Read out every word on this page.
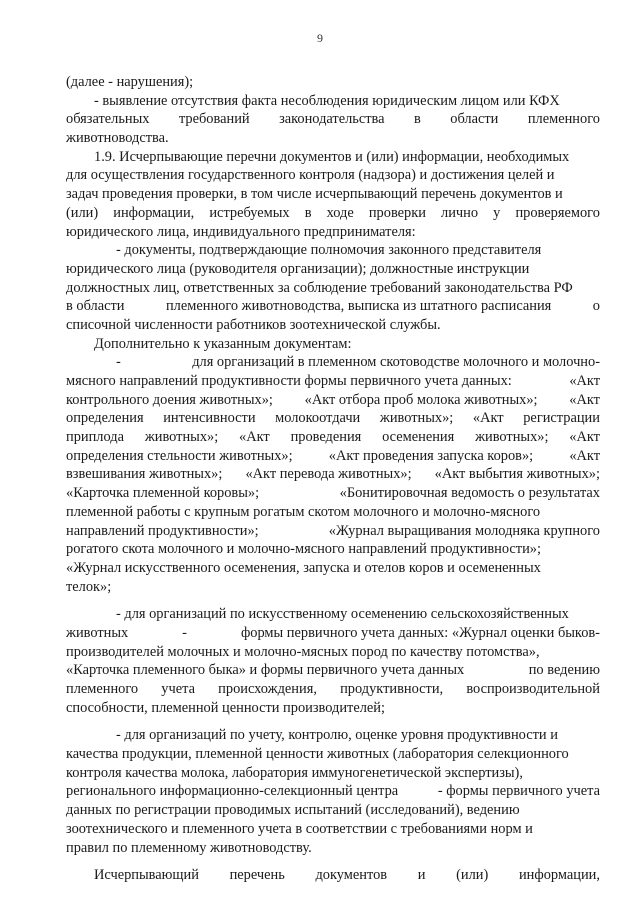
9
(далее - нарушения);
- выявление отсутствия факта несоблюдения юридическим лицом или КФХ
обязательных требований законодательства в области племенного
животноводства.
1.9. Исчерпывающие перечни документов и (или) информации, необходимых
для осуществления государственного контроля (надзора) и достижения целей и
задач проведения проверки, в том числе исчерпывающий перечень документов и
(или) информации, истребуемых в ходе проверки лично у проверяемого
юридического лица, индивидуального предпринимателя:
- документы, подтверждающие полномочия законного представителя
юридического лица (руководителя организации); должностные инструкции
должностных лиц, ответственных за соблюдение требований законодательства РФ
в области	племенного животноводства, выписка из штатного расписания	о
списочной численности работников зоотехнической службы.
Дополнительно к указанным документам:
-	для организаций в племенном скотоводстве молочного и молочно-
мясного направлений продуктивности формы первичного учета данных:	«Акт
контрольного доения животных»; «Акт отбора проб молока животных»; «Акт
определения интенсивности молокоотдачи животных»; «Акт регистрации
приплода животных»; «Акт проведения осеменения животных»; «Акт
определения стельности животных»;	«Акт проведения запуска коров»;	«Акт
взвешивания животных»; «Акт перевода животных»; «Акт выбытия животных»;
«Карточка племенной коровы»;	«Бонитировочная ведомость о результатах
племенной работы с крупным рогатым скотом молочного и молочно-мясного
направлений продуктивности»;	«Журнал выращивания молодняка крупного
рогатого скота молочного и молочно-мясного направлений продуктивности»;
«Журнал искусственного осеменения, запуска и отелов коров и осемененных
телок»;
- для организаций по искусственному осеменению сельскохозяйственных
животных	-	формы первичного учета данных: «Журнал оценки быков-
производителей молочных и молочно-мясных пород по качеству потомства»,
«Карточка племенного быка» и формы первичного учета данных	по ведению
племенного учета происхождения, продуктивности, воспроизводительной
способности, племенной ценности производителей;
- для организаций по учету, контролю, оценке уровня продуктивности и
качества продукции, племенной ценности животных (лаборатория селекционного
контроля качества молока, лаборатория иммуногенетической экспертизы),
регионального информационно-селекционный центра	- формы первичного учета
данных по регистрации проводимых испытаний (исследований), ведению
зоотехнического и племенного учета в соответствии с требованиями норм и
правил по племенному животноводству.
Исчерпывающий перечень документов и (или) информации,
